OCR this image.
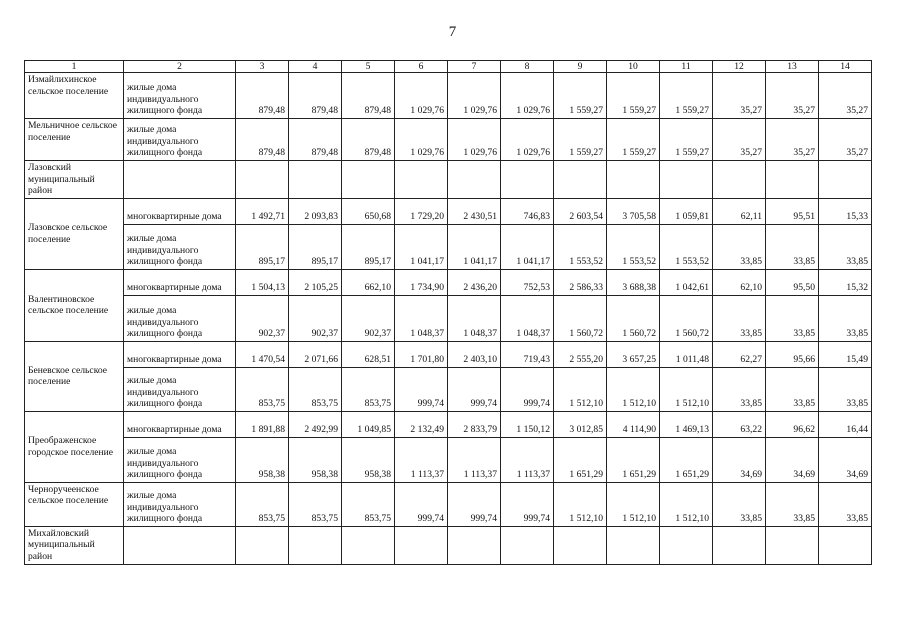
7
1	2	3	4	5	6	7	8	9	10	11	12	13	14
Измайлихинское сельское поселение	жилые дома индивидуального жилищного фонда	879,48	879,48	879,48	1 029,76	1 029,76	1 029,76	1 559,27	1 559,27	1 559,27	35,27	35,27	35,27
Мельничное сельское поселение	жилые дома индивидуального жилищного фонда	879,48	879,48	879,48	1 029,76	1 029,76	1 029,76	1 559,27	1 559,27	1 559,27	35,27	35,27	35,27
Лазовский муниципальный район													
Лазовское сельское поселение	многоквартирные дома	1 492,71	2 093,83	650,68	1 729,20	2 430,51	746,83	2 603,54	3 705,58	1 059,81	62,11	95,51	15,33
	жилые дома индивидуального жилищного фонда	895,17	895,17	895,17	1 041,17	1 041,17	1 041,17	1 553,52	1 553,52	1 553,52	33,85	33,85	33,85
Валентиновское сельское поселение	многоквартирные дома	1 504,13	2 105,25	662,10	1 734,90	2 436,20	752,53	2 586,33	3 688,38	1 042,61	62,10	95,50	15,32
	жилые дома индивидуального жилищного фонда	902,37	902,37	902,37	1 048,37	1 048,37	1 048,37	1 560,72	1 560,72	1 560,72	33,85	33,85	33,85
Беневское сельское поселение	многоквартирные дома	1 470,54	2 071,66	628,51	1 701,80	2 403,10	719,43	2 555,20	3 657,25	1 011,48	62,27	95,66	15,49
	жилые дома индивидуального жилищного фонда	853,75	853,75	853,75	999,74	999,74	999,74	1 512,10	1 512,10	1 512,10	33,85	33,85	33,85
Преображенское городское поселение	многоквартирные дома	1 891,88	2 492,99	1 049,85	2 132,49	2 833,79	1 150,12	3 012,85	4 114,90	1 469,13	63,22	96,62	16,44
	жилые дома индивидуального жилищного фонда	958,38	958,38	958,38	1 113,37	1 113,37	1 113,37	1 651,29	1 651,29	1 651,29	34,69	34,69	34,69
Черноручеенское сельское поселение	жилые дома индивидуального жилищного фонда	853,75	853,75	853,75	999,74	999,74	999,74	1 512,10	1 512,10	1 512,10	33,85	33,85	33,85
Михайловский муниципальный район													
